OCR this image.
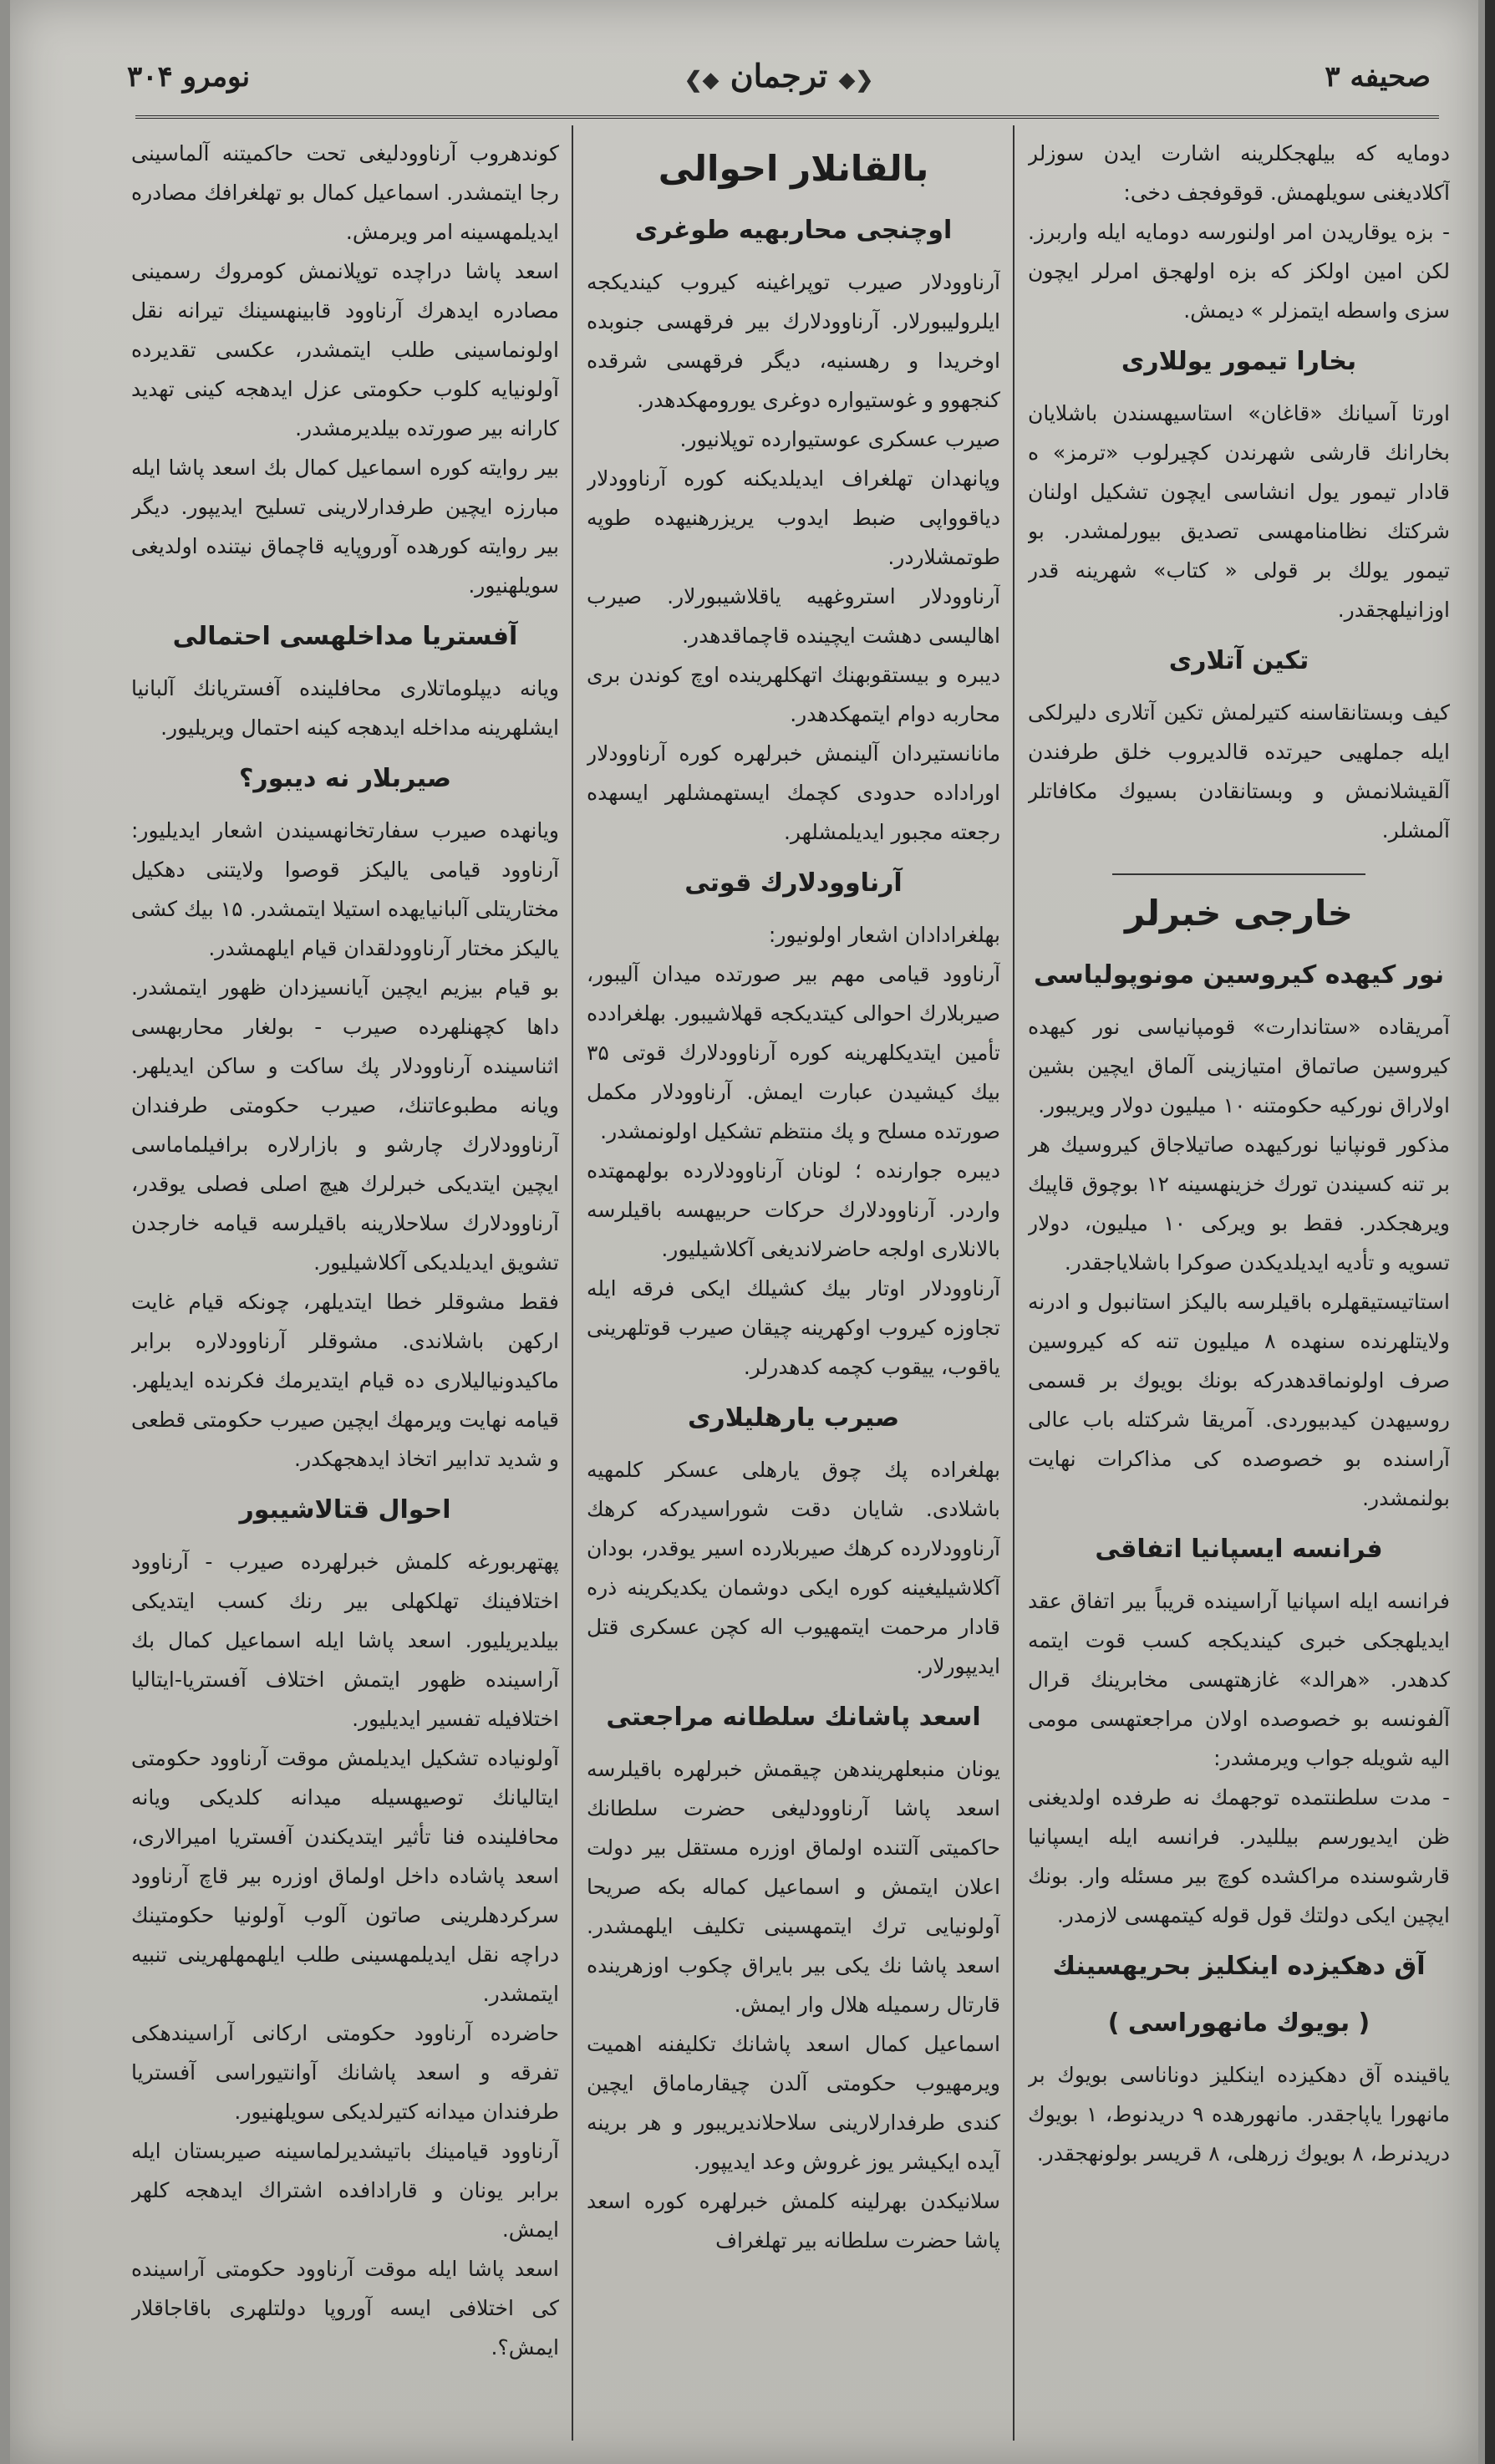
صحیفه ۳
❮◆ ترجمان ◆❯
نومرو ۳۰۴

دومایه که بیلهجکلرینه اشارت ایدن سوزلر آکلادیغنی سویلهمش. قوقوفجف دخی:

- بزه یوقاریدن امر اولنورسه دومایه ایله واربرز. لکن امین اولکز که بزه اولهجق امرلر ایچون سزی واسطه ایتمزلر » دیمش.

بخارا تیمور یوللاری

اورتا آسیانك «قاغان» استاسیهسندن باشلایان بخارانك قارشی شهرندن کچیرلوب «ترمز» ه قادار تیمور یول انشاسی ایچون تشکیل اولنان شرکتك نظامنامهسی تصدیق بیورلمشدر. بو تیمور یولك بر قولی « کتاب» شهرینه قدر اوزانیلهجقدر.

تکین آتلاری

کیف وبستانقاسنه کتیرلمش تکین آتلاری دلیرلکی ایله جملهیی حیرتده قالدیروب خلق طرفندن آلقیشلانمش و وبستانقادن بسیوك مکافاتلر آلمشلر.

خارجی خبرلر
نور کیهده کیروسین مونوپولیاسی

آمریقاده «ستاندارت» قومپانیاسی نور کیهده کیروسین صاتماق امتیازینی آلماق ایچین بشین اولاراق نورکیه حکومتنه ۱۰ میلیون دولار ویریبور.

مذکور قونپانیا نورکیهده صاتیلاجاق کیروسیك هر بر تنه کسیندن تورك خزینهسینه ۱۲ بوچوق قاپیك ویرهجکدر. فقط بو ویرکی ۱۰ میلیون، دولار تسویه و تأدیه ایدیلدیکدن صوکرا باشلایاجقدر.

استاتیستیقهلره باقیلرسه بالیکز استانبول و ادرنه ولایتلهرنده سنهده ۸ میلیون تنه که کیروسین صرف اولونماقدهدرکه بونك بویوك بر قسمی روسیهدن کیدبیوردی. آمریقا شرکتله باب عالی آراسنده بو خصوصده کی مذاکرات نهایت بولنمشدر.

فرانسه ایسپانیا اتفاقی

فرانسه ایله اسپانیا آراسینده قریباً بیر اتفاق عقد ایدیلهجکی خبری کیندیکجه کسب قوت ایتمه کدهدر. «هرالد» غازهتهسی مخابرینك قرال آلفونسه بو خصوصده اولان مراجعتهسی مومی الیه شویله جواب ویرمشدر:

- مدت سلطنتمده توجهمك نه طرفده اولدیغنی ظن ایدیورسم بیللیدر. فرانسه ایله ایسپانیا قارشوسنده مراکشده کوچ بیر مسئله وار. بونك ایچین ایکی دولتك قول قوله کیتمهسی لازمدر.

آق دهکیزده اینکلیز بحریهسینك
( بویوك مانهوراسی )

یاقینده آق دهکیزده اینکلیز دوناناسی بویوك بر مانهورا یاپاجقدر. مانهورهده ۹ دریدنوط، ۱ بویوك دریدنرط، ۸ بویوك زرهلی، ۸ قریسر بولونهجقدر.

بالقانلار احوالی
اوچنجی محاربهیه طوغری

آرناوودلار صیرب توپراغینه کیروب کیندیکجه ایلرولیبورلار. آرناوودلارك بیر فرقهسی جنوبده اوخریدا و رهسنیه، دیگر فرقهسی شرقده کنجهوو و غوستیواره دوغری یورومهکدهدر.

صیرب عسکری عوستیوارده توپلانیور.

وپانهدان تهلغراف ایدیلدیکنه کوره آرناوودلار دیاقوواپی ضبط ایدوب یریزرهنیهده طوپه طوتمشلاردر.

آرناوودلار استروغهیه یاقلاشیبورلار. صیرب اهالیسی دهشت ایچینده قاچماقدهدر.

دیبره و بیستقوبهنك اتهکلهرینده اوچ کوندن بری محاربه دوام ایتمهکدهدر.

مانانستیردان آلینمش خبرلهره کوره آرناوودلار اوراداده حدودی کچمك ایستهمشلهر ایسهده رجعته مجبور ایدیلمشلهر.

آرناوودلارك قوتی

بهلغرادادان اشعار اولونیور:

آرناوود قیامی مهم بیر صورتده میدان آلیبور، صیربلارك احوالی کیتدیکجه قهلاشیبور. بهلغرادده تأمین ایتدیکلهرینه کوره آرناوودلارك قوتی ۳۵ بیك کیشیدن عبارت ایمش. آرناوودلار مکمل صورتده مسلح و پك منتظم تشکیل اولونمشدر.

دیبره جوارنده ؛ لونان آرناوودلارده بولهمهتده واردر. آرناوودلارك حرکات حربیهسه باقیلرسه بالانلاری اولجه حاضرلاندیغی آکلاشیلیور.

آرناوودلار اوتار بیك کشیلك ایکی فرقه ایله تجاوزه کیروب اوکهرینه چیقان صیرب قوتلهرینی یاقوب، ییقوب کچمه کدهدرلر.

صیرب یارهلیلاری

بهلغراده پك چوق یارهلی عسکر کلمهیه باشلادی. شایان دقت شوراسیدرکه کرهك آرناوودلارده کرهك صیربلارده اسیر یوقدر، بودان آکلاشیلیغینه کوره ایکی دوشمان یکدیکرینه ذره قادار مرحمت ایتمهیوب اله کچن عسکری قتل ایدیپورلار.

اسعد پاشانك سلطانه مراجعتی

یونان منبعلهریندهن چیقمش خبرلهره باقیلرسه اسعد پاشا آرناوودلیغی حضرت سلطانك حاکمیتی آلتنده اولماق اوزره مستقل بیر دولت اعلان ایتمش و اسماعیل کماله بکه صریحا آولونیایی ترك ایتمهسینی تکلیف ایلهمشدر. اسعد پاشا نك یکی بیر بایراق چکوب اوزهرینده قارتال رسمیله هلال وار ایمش.

اسماعیل کمال اسعد پاشانك تکلیفنه اهمیت ویرمهیوب حکومتی آلدن چیقارماماق ایچین کندی طرفدارلارینی سلاحلاندیریبور و هر برینه آیده ایکیشر یوز غروش وعد ایدیپور.

سلانیکدن بهرلینه کلمش خبرلهره کوره اسعد پاشا حضرت سلطانه بیر تهلغراف

کوندهروب آرناوودلیغی تحت حاکمیتنه آلماسینی رجا ایتمشدر. اسماعیل کمال بو تهلغرافك مصادره ایدیلمهسینه امر ویرمش.

اسعد پاشا دراچده توپلانمش کومروك رسمینی مصادره ایدهرك آرناوود قابینهسینك تیرانه نقل اولونماسینی طلب ایتمشدر، عکسی تقدیرده آولونیایه کلوب حکومتی عزل ایدهجه کینی تهدید کارانه بیر صورتده بیلدیرمشدر.

بیر روایته کوره اسماعیل کمال بك اسعد پاشا ایله مبارزه ایچین طرفدارلارینی تسلیح ایدیپور. دیگر بیر روایته کورهده آوروپایه قاچماق نیتنده اولدیغی سویلهنیور.

آفستریا مداخلهسی احتمالی

ویانه دیپلوماتلاری محافلینده آفستریانك آلبانیا ایشلهرینه مداخله ایدهجه کینه احتمال ویریلیور.

صیربلار نه دیبور؟

ویانهده صیرب سفارتخانهسیندن اشعار ایدیلیور: آرناوود قیامی یالیکز قوصوا ولایتنی دهکیل مختاریتلی آلبانیایهده استیلا ایتمشدر. ۱۵ بیك کشی یالیکز مختار آرناوودلقدان قیام ایلهمشدر.

بو قیام بیزیم ایچین آیانسیزدان ظهور ایتمشدر. داها کچهنلهرده صیرب - بولغار محاربهسی اثناسینده آرناوودلار پك ساکت و ساکن ایدیلهر. ویانه مطبوعاتنك، صیرب حکومتی طرفندان آرناوودلارك چارشو و بازارلاره برافیلماماسی ایچین ایتدیکی خبرلرك هیچ اصلی فصلی یوقدر، آرناوودلارك سلاحلارینه باقیلرسه قیامه خارجدن تشویق ایدیلدیکی آکلاشیلیور.

فقط مشوقلر خطا ایتدیلهر، چونکه قیام غایت ارکهن باشلاندی. مشوقلر آرناوودلاره برابر ماکیدونیالیلاری ده قیام ایتدیرمك فکرنده ایدیلهر. قیامه نهایت ویرمهك ایچین صیرب حکومتی قطعی و شدید تدابیر اتخاذ ایدهجهکدر.

احوال قتالاشیبور

پهتهربورغه کلمش خبرلهرده صیرب - آرناوود اختلافینك تهلکهلی بیر رنك کسب ایتدیکی بیلدیریلیور. اسعد پاشا ایله اسماعیل کمال بك آراسینده ظهور ایتمش اختلاف آفستریا-ایتالیا اختلافیله تفسیر ایدیلیور.

آولونیاده تشکیل ایدیلمش موقت آرناوود حکومتی ایتالیانك توصیهسیله میدانه کلدیکی ویانه محافلینده فنا تأثیر ایتدیکندن آفستریا امیرالاری، اسعد پاشاده داخل اولماق اوزره بیر قاچ آرناوود سرکردهلرینی صاتون آلوب آولونیا حکومتینك دراچه نقل ایدیلمهسینی طلب ایلهمهلهرینی تنبیه ایتمشدر.

حاضرده آرناوود حکومتی ارکانی آراسیندهکی تفرقه و اسعد پاشانك آوانتیوراسی آفستریا طرفندان میدانه کتیرلدیکی سویلهنیور.

آرناوود قیامینك باتیشدیرلماسینه صیربستان ایله برابر یونان و قارادافده اشتراك ایدهجه کلهر ایمش.

اسعد پاشا ایله موقت آرناوود حکومتی آراسینده کی اختلافی ایسه آوروپا دولتلهری باقاجاقلار ایمش؟.
